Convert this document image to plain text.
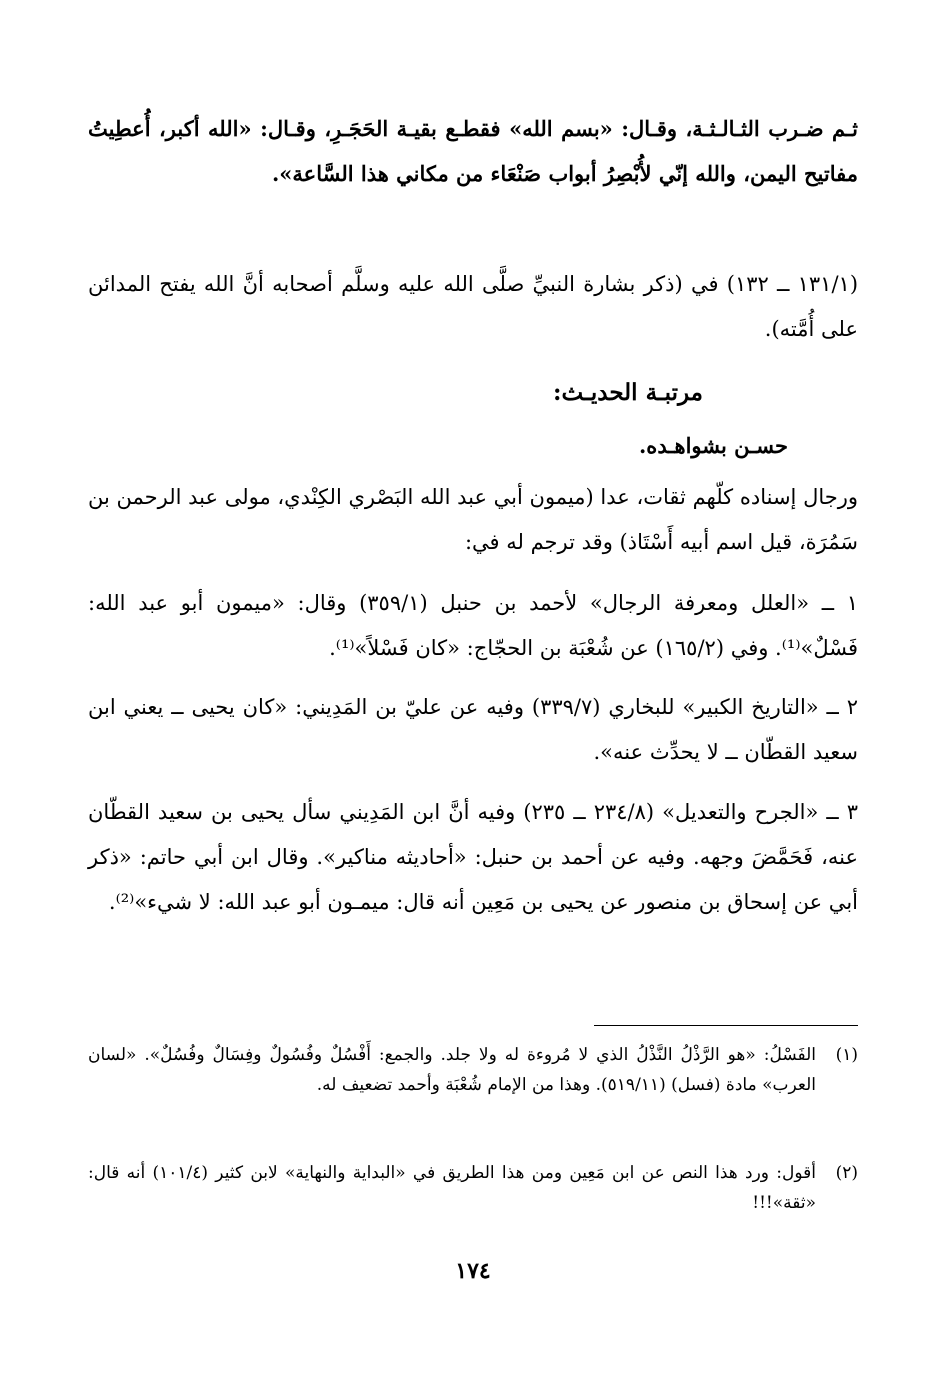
ثـم ضـرب الثـالـثـة، وقـال: «بسم الله» فقطـع بقيـة الحَجَـرِ، وقـال: «الله أكبر، أُعطِيتُ مفاتيح اليمن، والله إنّي لأُبْصِرُ أبواب صَنْعَاء من مكاني هذا السَّاعة».

(١٣١/١ ــ ١٣٢) في (ذكر بشارة النبيِّ صلَّى الله عليه وسلَّم أصحابه أنَّ الله يفتح المدائن على أُمَّته).

مرتبـة الحديـث:
حسـن بشواهـده.

ورجال إسناده كلّهم ثقات، عدا (ميمون أبي عبد الله البَصْري الكِنْدي، مولى عبد الرحمن بن سَمُرَة، قيل اسم أبيه أَسْتَاذ) وقد ترجم له في:

١ ــ «العلل ومعرفة الرجال» لأحمد بن حنبل (٣٥٩/١) وقال: «ميمون أبو عبد الله: فَسْلٌ»⁽¹⁾. وفي (١٦٥/٢) عن شُعْبَة بن الحجّاج: «كان فَسْلاً»⁽¹⁾.

٢ ــ «التاريخ الكبير» للبخاري (٣٣٩/٧) وفيه عن عليّ بن المَدِيني: «كان يحيى ــ يعني ابن سعيد القطّان ــ لا يحدِّث عنه».

٣ ــ «الجرح والتعديل» (٢٣٤/٨ ــ ٢٣٥) وفيه أنَّ ابن المَدِيني سأل يحيى بن سعيد القطّان عنه، فَحَمَّضَ وجهه. وفيه عن أحمد بن حنبل: «أحاديثه مناكير». وقال ابن أبي حاتم: «ذكر أبي عن إسحاق بن منصور عن يحيى بن مَعِين أنه قال: ميمـون أبو عبد الله: لا شيء»⁽²⁾.

(١)
الفَسْلُ: «هو الرَّذْلُ النَّذْلُ الذي لا مُروءة له ولا جلد. والجمع: أَفْسُلٌ وفُسُولٌ وفِسَالٌ وفُسُلٌ». «لسان العرب» مادة (فسل) (٥١٩/١١). وهذا من الإمام شُعْبَة وأحمد تضعيف له.

(٢)
أقول: ورد هذا النص عن ابن مَعِين ومن هذا الطريق في «البداية والنهاية» لابن كثير (١٠١/٤) أنه قال: «ثقة»!!!

١٧٤
